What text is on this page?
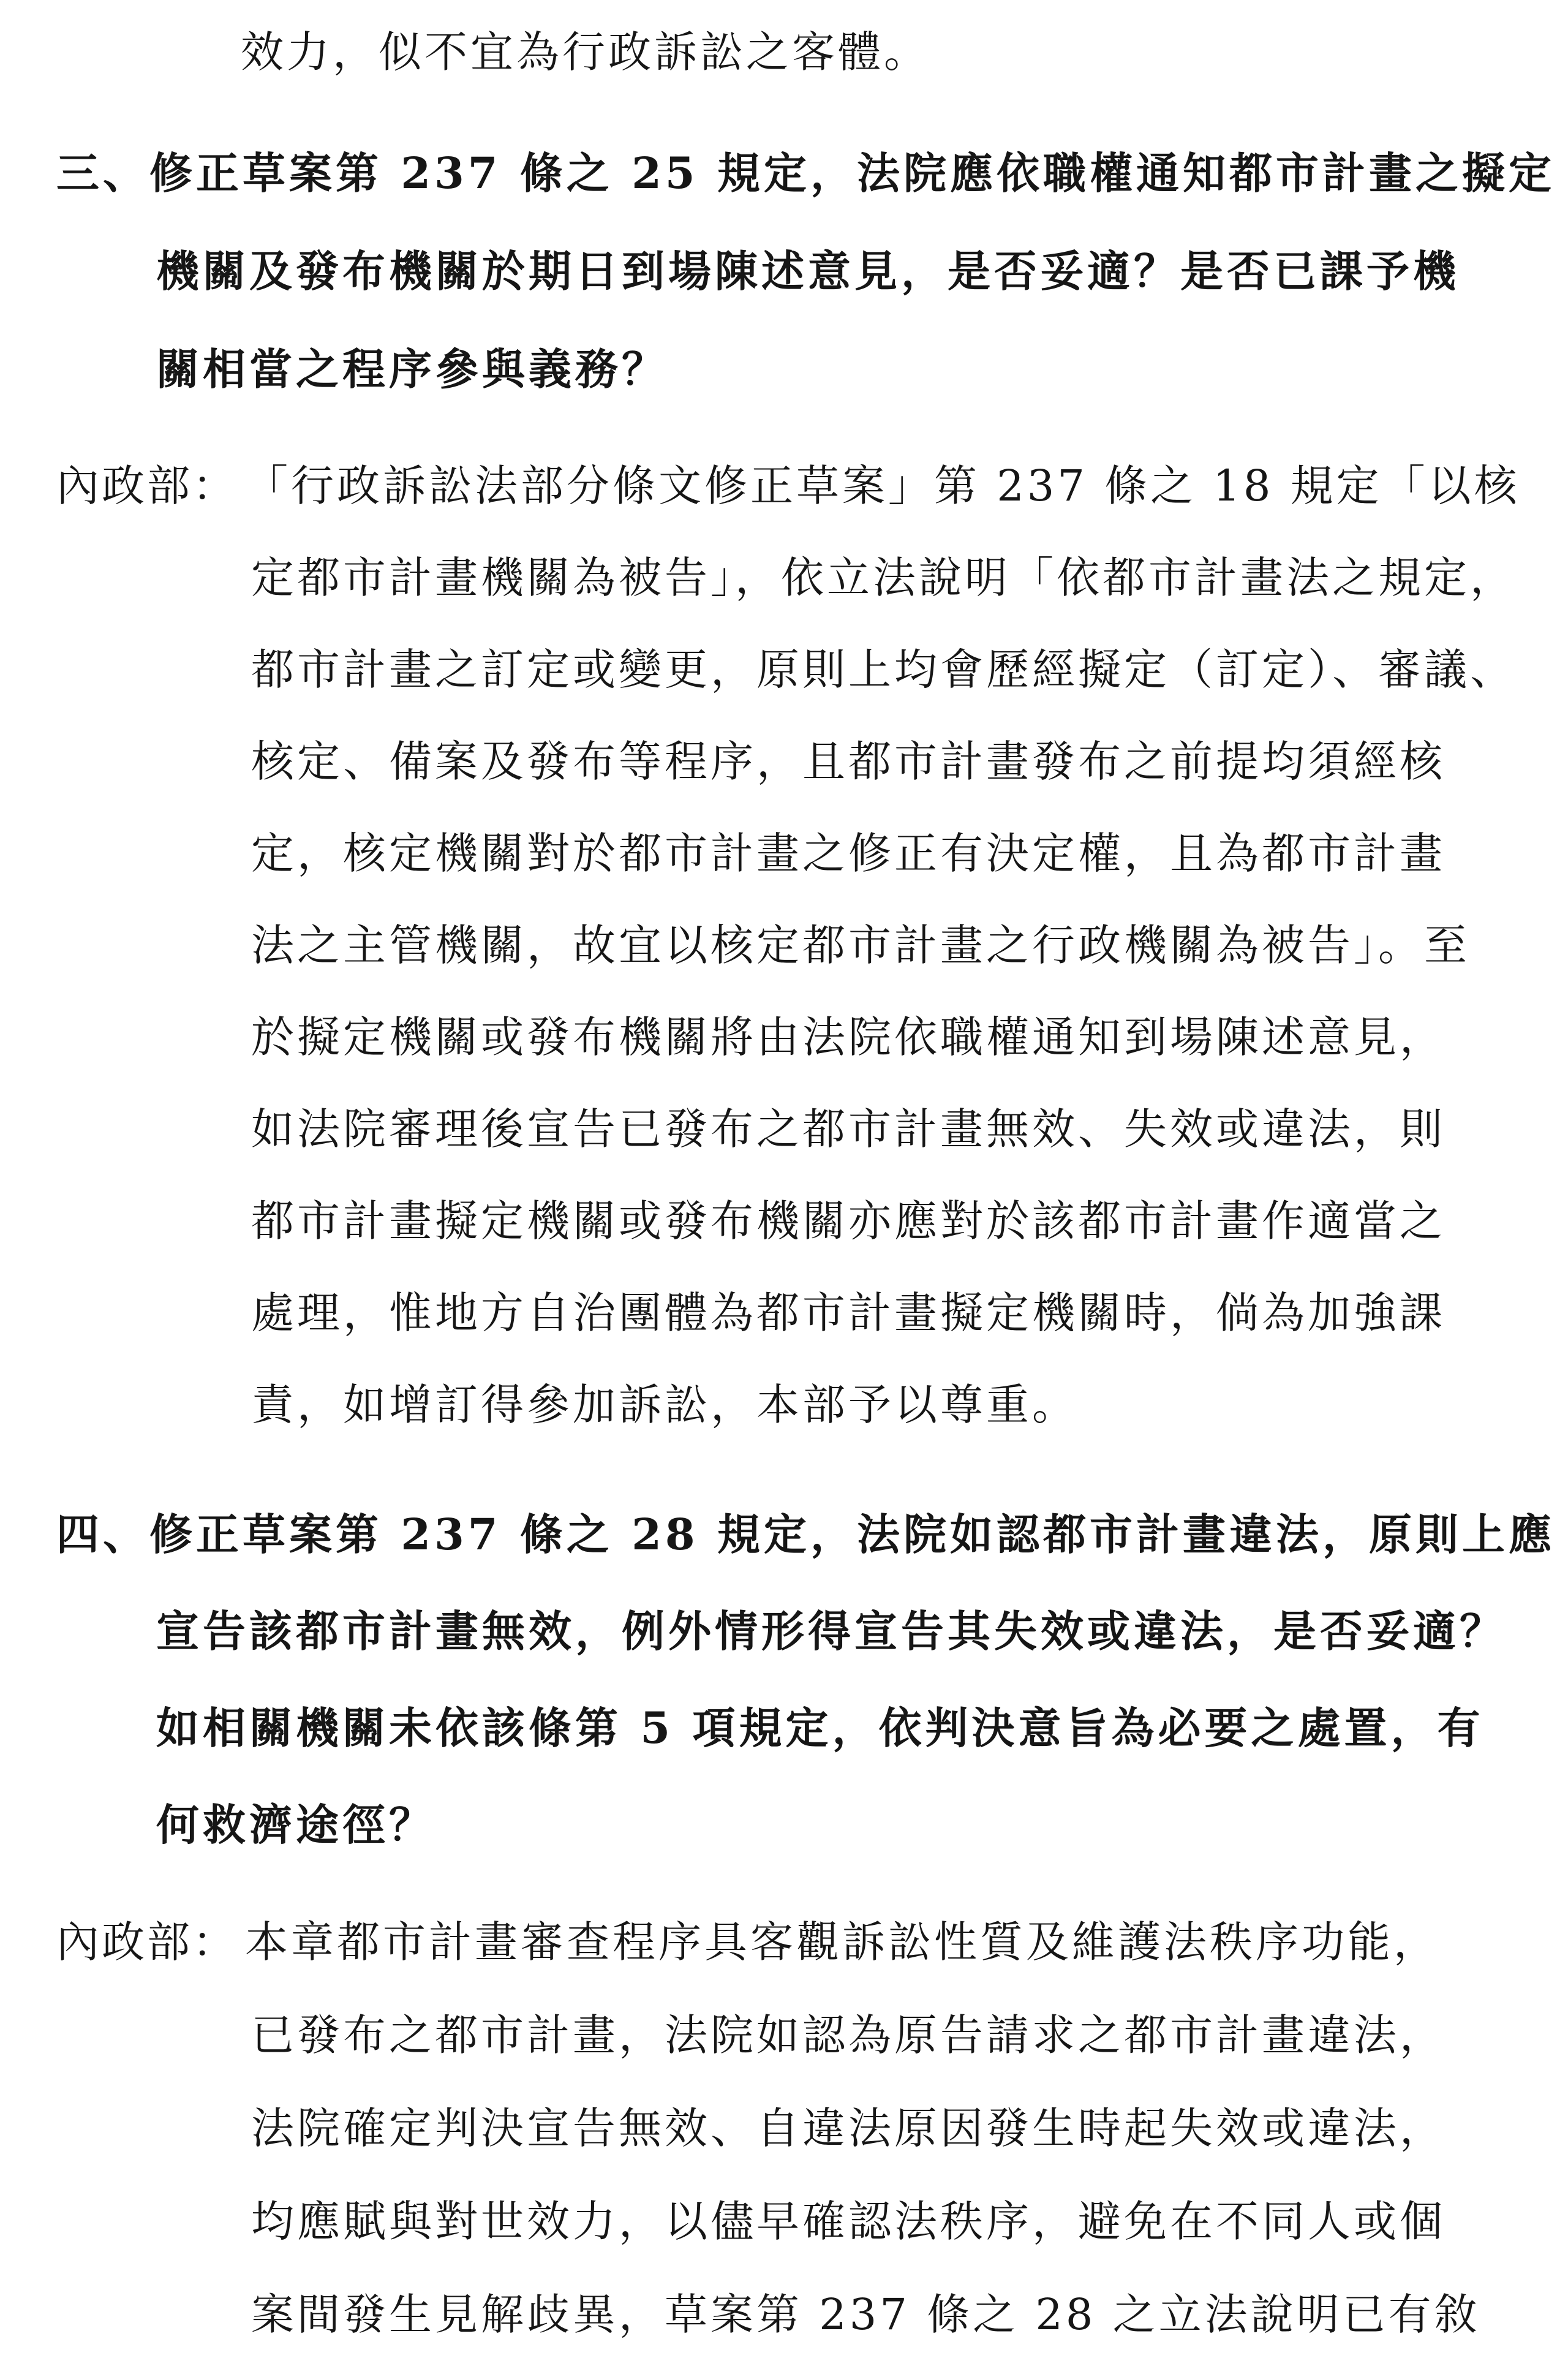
效力，似不宜為行政訴訟之客體。
三、修正草案第 237 條之 25 規定，法院應依職權通知都市計畫之擬定
機關及發布機關於期日到場陳述意見，是否妥適？是否已課予機
關相當之程序參與義務？
內政部： 「行政訴訟法部分條文修正草案」第 237 條之 18 規定「以核
定都市計畫機關為被告」，依立法說明「依都市計畫法之規定，
都市計畫之訂定或變更，原則上均會歷經擬定（訂定）、審議、
核定、備案及發布等程序，且都市計畫發布之前提均須經核
定，核定機關對於都市計畫之修正有決定權，且為都市計畫
法之主管機關，故宜以核定都市計畫之行政機關為被告」。至
於擬定機關或發布機關將由法院依職權通知到場陳述意見，
如法院審理後宣告已發布之都市計畫無效、失效或違法，則
都市計畫擬定機關或發布機關亦應對於該都市計畫作適當之
處理，惟地方自治團體為都市計畫擬定機關時，倘為加強課
責，如增訂得參加訴訟，本部予以尊重。
四、修正草案第 237 條之 28 規定，法院如認都市計畫違法，原則上應
宣告該都市計畫無效，例外情形得宣告其失效或違法，是否妥適？
如相關機關未依該條第 5 項規定，依判決意旨為必要之處置，有
何救濟途徑？
內政部： 本章都市計畫審查程序具客觀訴訟性質及維護法秩序功能，
已發布之都市計畫，法院如認為原告請求之都市計畫違法，
法院確定判決宣告無效、自違法原因發生時起失效或違法，
均應賦與對世效力，以儘早確認法秩序，避免在不同人或個
案間發生見解歧異，草案第 237 條之 28 之立法說明已有敘
